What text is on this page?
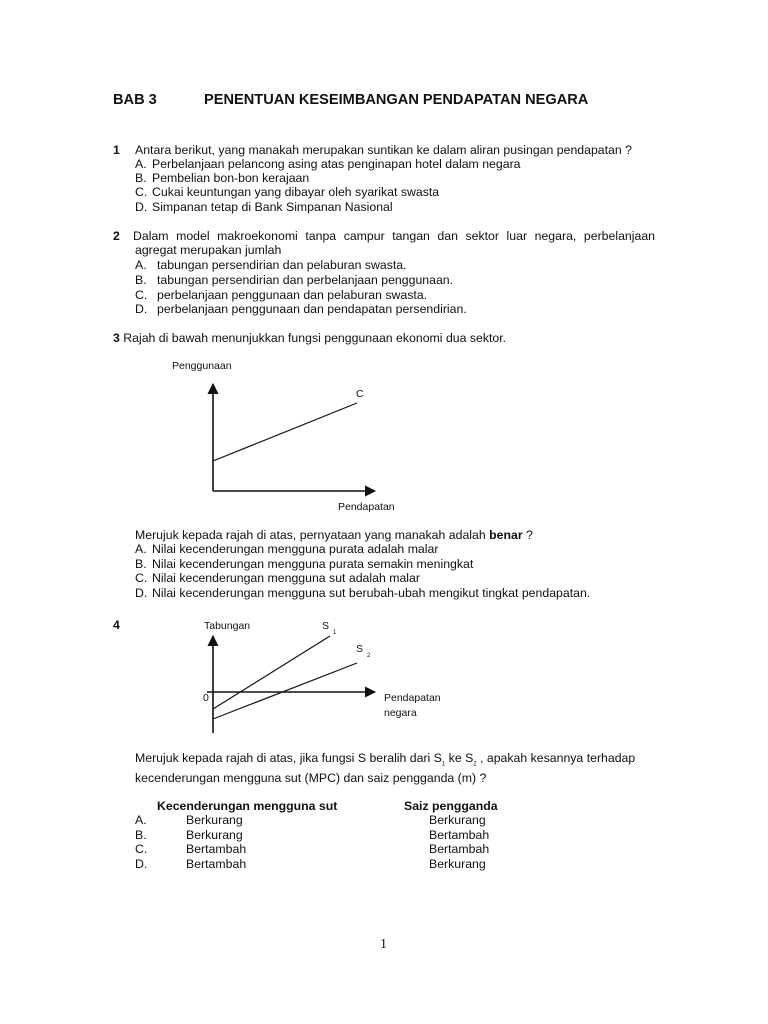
BAB 3	PENENTUAN KESEIMBANGAN PENDAPATAN NEGARA
1 Antara berikut, yang manakah merupakan suntikan ke dalam aliran pusingan pendapatan ?
A. Perbelanjaan pelancong asing atas penginapan hotel dalam negara
B. Pembelian bon-bon kerajaan
C. Cukai keuntungan yang dibayar oleh syarikat swasta
D. Simpanan tetap di Bank Simpanan Nasional
2 Dalam model makroekonomi tanpa campur tangan dan sektor luar negara, perbelanjaan
agregat merupakan jumlah
A. tabungan persendirian dan pelaburan swasta.
B. tabungan persendirian dan perbelanjaan penggunaan.
C. perbelanjaan penggunaan dan pelaburan swasta.
D. perbelanjaan penggunaan dan pendapatan persendirian.
3 Rajah di bawah menunjukkan fungsi penggunaan ekonomi dua sektor.
Penggunaan
Pendapatan
C
Merujuk kepada rajah di atas, pernyataan yang manakah adalah benar ?
A. Nilai kecenderungan mengguna purata adalah malar
B. Nilai kecenderungan mengguna purata semakin meningkat
C. Nilai kecenderungan mengguna sut adalah malar
D. Nilai kecenderungan mengguna sut berubah-ubah mengikut tingkat pendapatan.
4	Tabungan
0	Pendapatan
negara
S
1
S
2
Merujuk kepada rajah di atas, jika fungsi S beralih dari $S_1$ ke $S_2$ , apakah kesannya terhadap
kecenderungan mengguna sut (MPC) dan saiz pengganda (m) ?
Kecenderungan mengguna sut	Saiz pengganda
A.	Berkurang	Berkurang
B.	Berkurang	Bertambah
C.	Bertambah	Bertambah
D.	Bertambah	Berkurang
1
